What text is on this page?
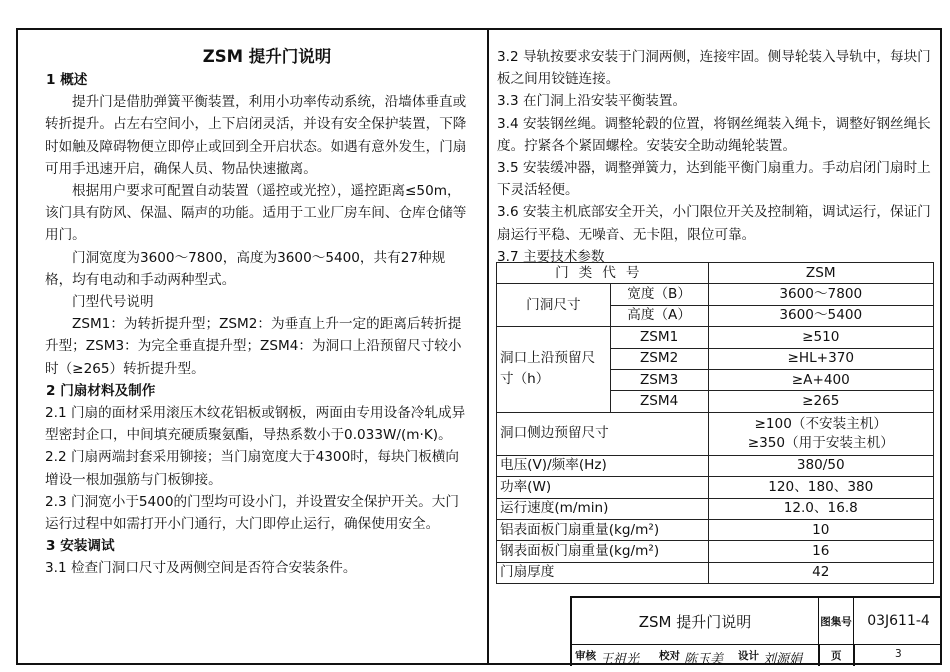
ZSM 提升门说明
1 概述
提升门是借肋弹簧平衡装置，利用小功率传动系统，沿墙体垂直或转折提升。占左右空间小，上下启闭灵活，并设有安全保护装置，下降时如触及障碍物便立即停止或回到全开启状态。如遇有意外发生，门扇可用手迅速开启，确保人员、物品快速撤离。
根据用户要求可配置自动装置（遥控或光控），遥控距离≤50m，该门具有防风、保温、隔声的功能。适用于工业厂房车间、仓库仓储等用门。
门洞宽度为3600～7800，高度为3600～5400，共有27种规格，均有电动和手动两种型式。
门型代号说明
ZSM1：为转折提升型；ZSM2：为垂直上升一定的距离后转折提升型；ZSM3：为完全垂直提升型；ZSM4：为洞口上沿预留尺寸较小时（≥265）转折提升型。
2 门扇材料及制作
2.1 门扇的面材采用滚压木纹花铝板或钢板，两面由专用设备冷轧成异型密封企口，中间填充硬质聚氨酯，导热系数小于0.033W/(m·K)。
2.2 门扇两端封套采用铆接；当门扇宽度大于4300时，每块门板横向增设一根加强筋与门板铆接。
2.3 门洞宽小于5400的门型均可设小门，并设置安全保护开关。大门运行过程中如需打开小门通行，大门即停止运行，确保使用安全。
3 安装调试
3.1 检查门洞口尺寸及两侧空间是否符合安装条件。
3.2 导轨按要求安装于门洞两侧，连接牢固。侧导轮装入导轨中，每块门板之间用铰链连接。
3.3 在门洞上沿安装平衡装置。
3.4 安装钢丝绳。调整轮毂的位置，将钢丝绳装入绳卡，调整好钢丝绳长度。拧紧各个紧固螺栓。安装安全助动绳轮装置。
3.5 安装缓冲器，调整弹簧力，达到能平衡门扇重力。手动启闭门扇时上下灵活轻便。
3.6 安装主机底部安全开关，小门限位开关及控制箱，调试运行，保证门扇运行平稳、无噪音、无卡阻，限位可靠。
3.7 主要技术参数
门类代号		ZSM
门洞尺寸	宽度（B）	3600～7800
	高度（A）	3600～5400
洞口上沿预留尺寸（h）	ZSM1	≥510
	ZSM2	≥HL+370
	ZSM3	≥A+400
	ZSM4	≥265
洞口侧边预留尺寸		≥100（不安装主机）
≥350（用于安装主机）

电压(V)/频率(Hz)		380/50
功率(W)		120、180、380
运行速度(m/min)		12.0、16.8
铝表面板门扇重量(kg/m²)		10
钢表面板门扇重量(kg/m²)		16
门扇厚度		42
ZSM 提升门说明	图集号	03J611-4
审核 王祖光 校对 陈玉美 设计 刘源娟	页	3
